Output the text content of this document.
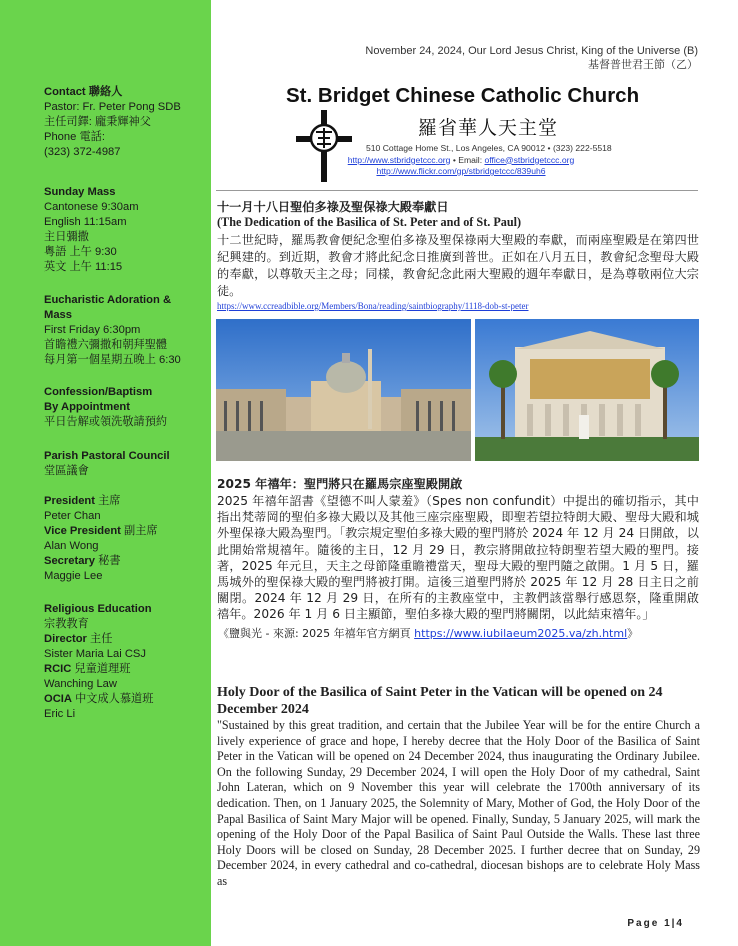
Contact 聯絡人
Pastor: Fr. Peter Pong SDB
主任司鐸: 龐秉輝神父
Phone 電話:
(323) 372-4987
Sunday Mass
Cantonese 9:30am
English 11:15am
主日彌撒
粵語 上午 9:30
英文 上午 11:15
Eucharistic Adoration &
Mass
First Friday 6:30pm
首瞻禮六彌撒和朝拜聖體
每月第一個星期五晚上 6:30
Confession/Baptism
By Appointment
平日告解或領洗敬請預約
Parish Pastoral Council
堂區議會
President 主席
Peter Chan
Vice President 副主席
Alan Wong
Secretary 秘書
Maggie Lee
Religious Education
宗教教育
Director 主任
Sister Maria Lai CSJ
RCIC 兒童道理班
Wanching Law
OCIA 中文成人慕道班
Eric Li
November 24, 2024, Our Lord Jesus Christ, King of the Universe (B)
基督普世君王節（乙）
St. Bridget Chinese Catholic Church
羅省華人天主堂
510 Cottage Home St., Los Angeles, CA 90012 • (323) 222-5518
http://www.stbridgetccc.org • Email: office@stbridgetccc.org
http://www.flickr.com/gp/stbridgetccc/839uh6
十一月十八日聖伯多祿及聖保祿大殿奉獻日
(The Dedication of the Basilica of St. Peter and of St. Paul)
十二世紀時，羅馬教會便紀念聖伯多祿及聖保祿兩大聖殿的奉獻，而兩座聖殿是在第四世紀興建的。到近期，教會才將此紀念日推廣到普世。正如在八月五日，教會紀念聖母大殿的奉獻，以尊敬天主之母；同樣，教會紀念此兩大聖殿的週年奉獻日，是為尊敬兩位大宗徒。
https://www.ccreadbible.org/Members/Bona/reading/saintbiography/1118-dob-st-peter
2025 年禧年：聖門將只在羅馬宗座聖殿開啟
2025 年禧年詔書《望德不叫人蒙羞》（Spes non confundit）中提出的確切指示，其中指出梵蒂岡的聖伯多祿大殿以及其他三座宗座聖殿，即聖若望拉特朗大殿、聖母大殿和城外聖保祿大殿為聖門。「教宗規定聖伯多祿大殿的聖門將於 2024 年 12 月 24 日開啟，以此開始常規禧年。隨後的主日，12 月 29 日，教宗將開啟拉特朗聖若望大殿的聖門。接著，2025 年元旦，天主之母節隆重瞻禮當天，聖母大殿的聖門隨之啟開。1 月 5 日，羅馬城外的聖保祿大殿的聖門將被打開。這後三道聖門將於 2025 年 12 月 28 日主日之前關閉。2024 年 12 月 29 日，在所有的主教座堂中，主教們該當舉行感恩祭，隆重開啟禧年。2026 年 1 月 6 日主顯節，聖伯多祿大殿的聖門將關閉，以此結束禧年。」
《鹽與光 - 來源: 2025 年禧年官方網頁 https://www.iubilaeum2025.va/zh.html》
Holy Door of the Basilica of Saint Peter in the Vatican will be opened on 24 December 2024
"Sustained by this great tradition, and certain that the Jubilee Year will be for the entire Church a lively experience of grace and hope, I hereby decree that the Holy Door of the Basilica of Saint Peter in the Vatican will be opened on 24 December 2024, thus inaugurating the Ordinary Jubilee. On the following Sunday, 29 December 2024, I will open the Holy Door of my cathedral, Saint John Lateran, which on 9 November this year will celebrate the 1700th anniversary of its dedication. Then, on 1 January 2025, the Solemnity of Mary, Mother of God, the Holy Door of the Papal Basilica of Saint Mary Major will be opened. Finally, Sunday, 5 January 2025, will mark the opening of the Holy Door of the Papal Basilica of Saint Paul Outside the Walls. These last three Holy Doors will be closed on Sunday, 28 December 2025. I further decree that on Sunday, 29 December 2024, in every cathedral and co-cathedral, diocesan bishops are to celebrate Holy Mass as
Page 1|4
